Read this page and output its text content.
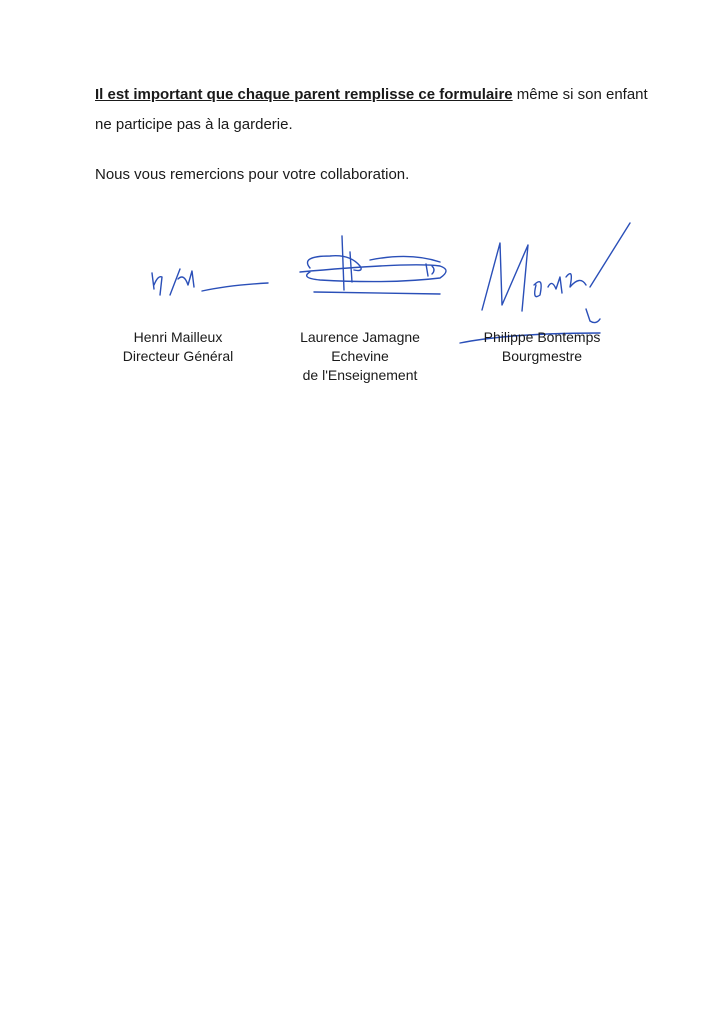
Il est important que chaque parent remplisse ce formulaire même si son enfant ne participe pas à la garderie.

Nous vous remercions pour votre collaboration.

Henri Mailleux
Directeur Général
Laurence Jamagne
Echevine
de l'Enseignement
Philippe Bontemps
Bourgmestre
